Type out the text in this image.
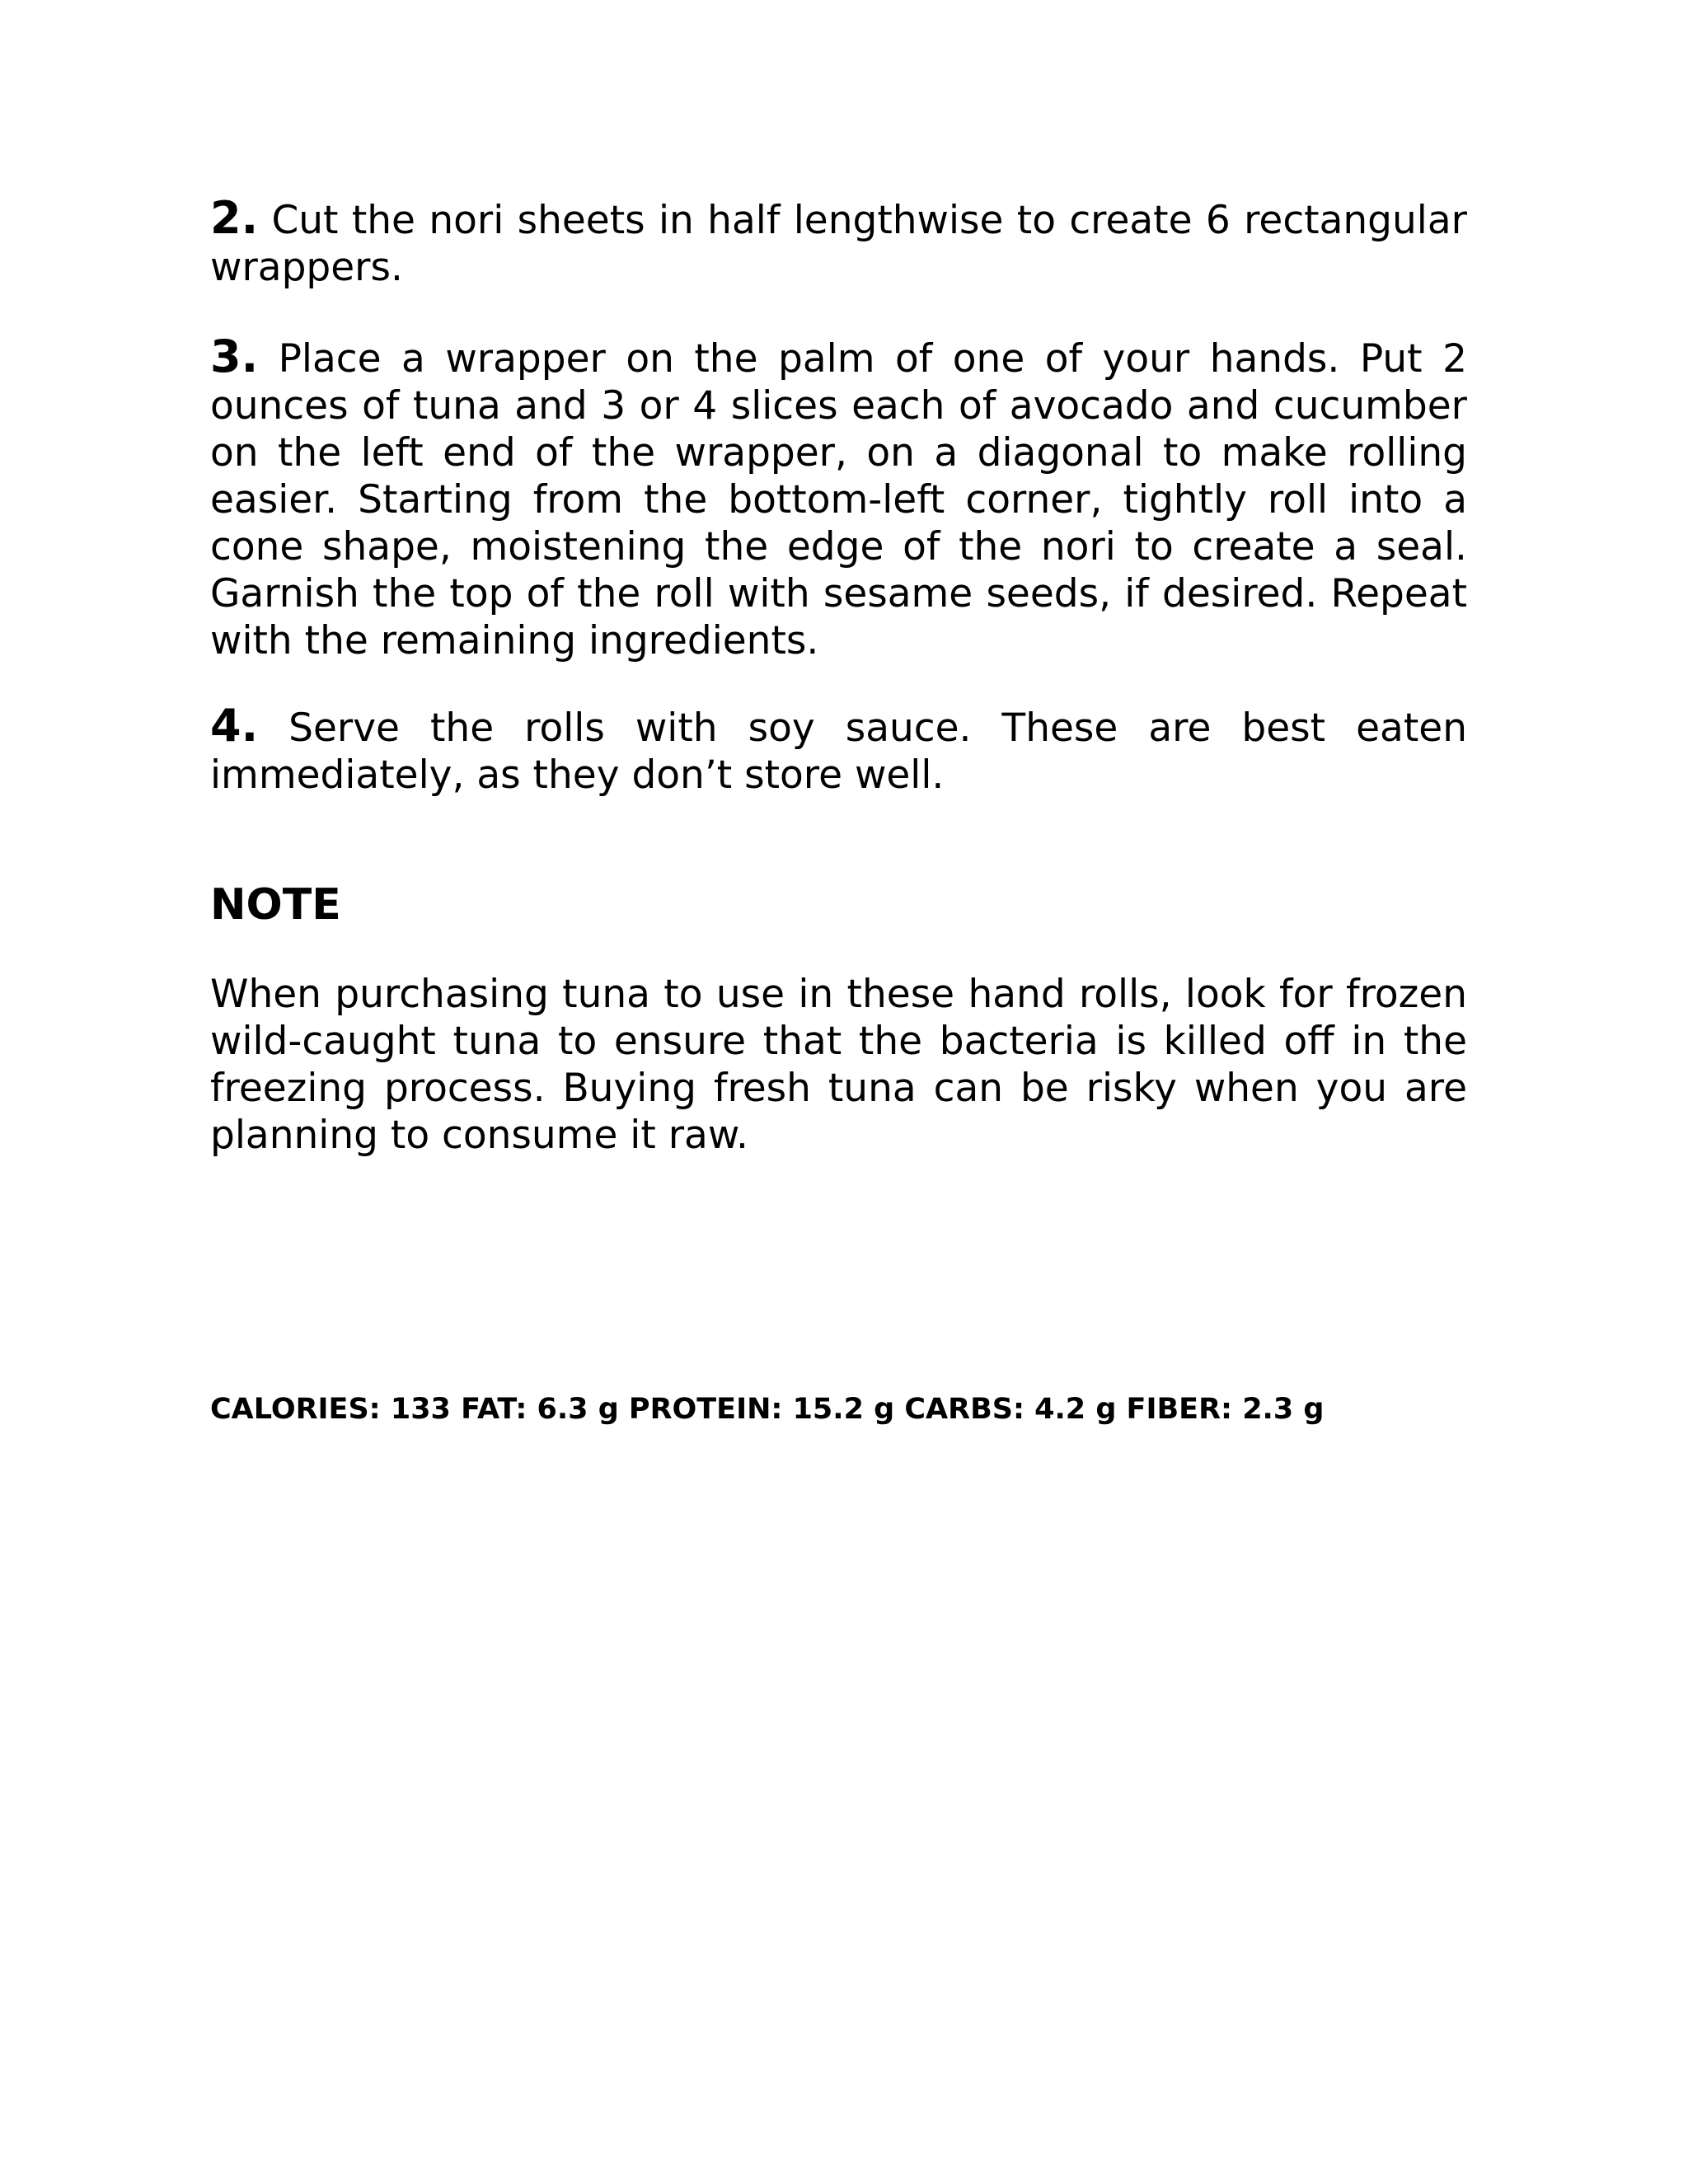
2. Cut the nori sheets in half lengthwise to create 6 rectangular wrappers.

3. Place a wrapper on the palm of one of your hands. Put 2 ounces of tuna and 3 or 4 slices each of avocado and cucumber on the left end of the wrapper, on a diagonal to make rolling easier. Starting from the bottom-left corner, tightly roll into a cone shape, moistening the edge of the nori to create a seal. Garnish the top of the roll with sesame seeds, if desired. Repeat with the remaining ingredients.

4. Serve the rolls with soy sauce. These are best eaten immediately, as they don’t store well.

NOTE

When purchasing tuna to use in these hand rolls, look for frozen wild-caught tuna to ensure that the bacteria is killed off in the freezing process. Buying fresh tuna can be risky when you are planning to consume it raw.

CALORIES: 133 FAT: 6.3 g PROTEIN: 15.2 g CARBS: 4.2 g FIBER: 2.3 g
